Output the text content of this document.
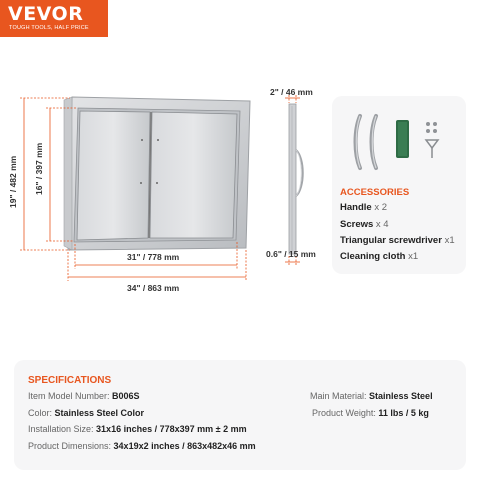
VEVOR
TOUGH TOOLS, HALF PRICE
2" / 46 mm
19" / 482 mm 16" / 397 mm
31" / 778 mm
34" / 863 mm
0.6" / 15 mm
ACCESSORIES
Handle x 2
Screws x 4
Triangular screwdriver x1
Cleaning cloth x1
SPECIFICATIONS
Item Model Number: B006S
Color: Stainless Steel Color
Installation Size: 31x16 inches / 778x397 mm ± 2 mm
Product Dimensions: 34x19x2 inches / 863x482x46 mm
Main Material: Stainless Steel
Product Weight: 11 lbs / 5 kg
